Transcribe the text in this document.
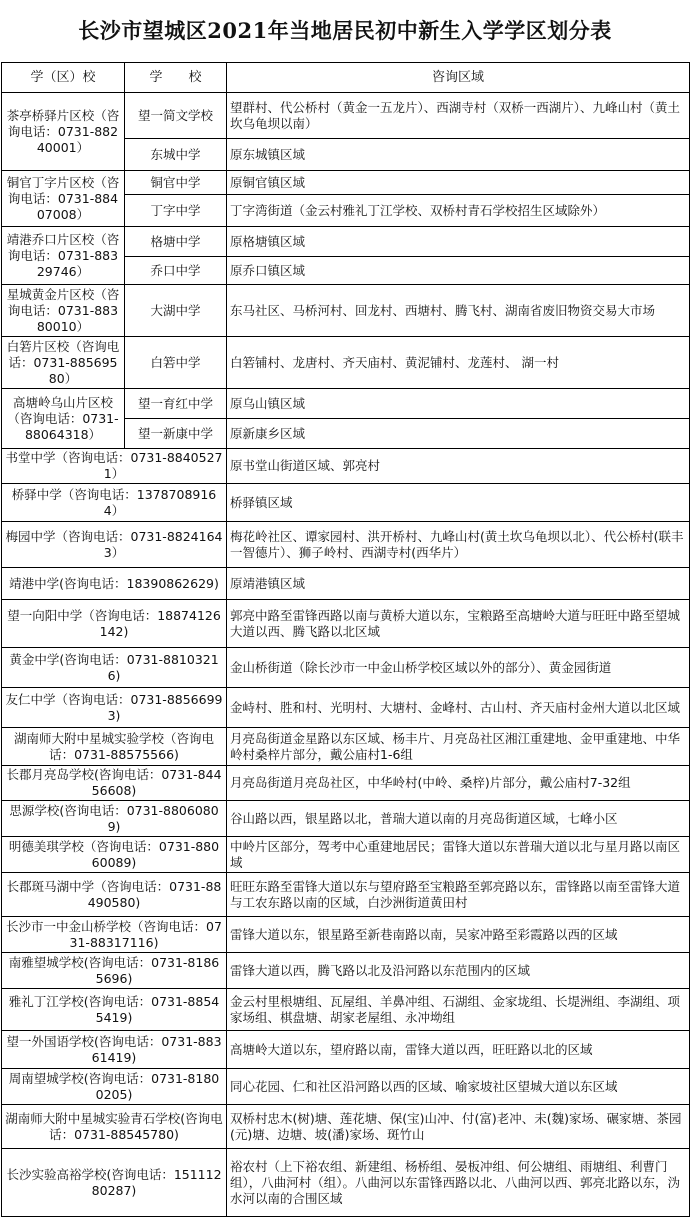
长沙市望城区2021年当地居民初中新生入学学区划分表
学（区）校	学　　校	咨询区域
茶亭桥驿片区校（咨询电话：0731-88240001）	望一简文学校	望群村、代公桥村（黄金一五龙片）、西湖寺村（双桥一西湖片）、九峰山村（黄土坎乌龟坝以南）
	东城中学	原东城镇区域
铜官丁字片区校（咨询电话：0731-88407008）	铜官中学	原铜官镇区域
	丁字中学	丁字湾街道（金云村雅礼丁江学校、双桥村青石学校招生区域除外）
靖港乔口片区校（咨询电话：0731-88329746）	格塘中学	原格塘镇区域
	乔口中学	原乔口镇区域
星城黄金片区校（咨询电话：0731-88380010）	大湖中学	东马社区、马桥河村、回龙村、西塘村、腾飞村、湖南省废旧物资交易大市场
白箬片区校（咨询电话：0731-88569580）	白箬中学	白箬铺村、龙唐村、齐天庙村、黄泥铺村、龙莲村、 湖一村
高塘岭乌山片区校（咨询电话：0731-88064318）	望一育红中学	原乌山镇区域
	望一新康中学	原新康乡区域
书堂中学（咨询电话：0731-88405271）		原书堂山街道区域、郭亮村
桥驿中学（咨询电话：13787089164）		桥驿镇区域
梅园中学（咨询电话：0731-88241643）		梅花岭社区、谭家园村、洪开桥村、九峰山村(黄土坎乌龟坝以北）、代公桥村(联丰一智德片）、狮子岭村、西湖寺村(西华片）
靖港中学(咨询电话：18390862629)		原靖港镇区域
望一向阳中学（咨询电话：18874126142)		郭亮中路至雷锋西路以南与黄桥大道以东，宝粮路至高塘岭大道与旺旺中路至望城大道以西、腾飞路以北区域
黄金中学(咨询电话：0731-88103216)		金山桥街道（除长沙市一中金山桥学校区域以外的部分）、黄金园街道
友仁中学（咨询电话：0731-88566993)		金峙村、胜和村、光明村、大塘村、金峰村、古山村、齐天庙村金州大道以北区域
湖南师大附中星城实验学校（咨询电话：0731-88575566)		月亮岛街道金星路以东区域、杨丰片、月亮岛社区湘江重建地、金甲重建地、中华岭村桑梓片部分，戴公庙村1-6组
长郡月亮岛学校(咨询电话：0731-84456608)		月亮岛街道月亮岛社区，中华岭村(中岭、桑梓)片部分，戴公庙村7-32组
思源学校(咨询电话：0731-88060809)		谷山路以西，银星路以北，普瑞大道以南的月亮岛街道区域，七峰小区
明德美琪学校（咨询电话：0731-88060089)		中岭片区部分，驾考中心重建地居民；雷锋大道以东普瑞大道以北与星月路以南区域
长郡斑马湖中学（咨询电话：0731-88490580)		旺旺东路至雷锋大道以东与望府路至宝粮路至郭亮路以东，雷锋路以南至雷锋大道与工农东路以南的区域，白沙洲街道黄田村
长沙市一中金山桥学校（咨询电话：0731-88317116)		雷锋大道以东，银星路至新巷南路以南，吴家冲路至彩霞路以西的区域
南雅望城学校(咨询电话：0731-81865696)		雷锋大道以西，腾飞路以北及沿河路以东范围内的区域
雅礼丁江学校(咨询电话：0731-88545419)		金云村里根塘组、瓦屋组、羊鼻冲组、石湖组、金家垅组、长堤洲组、李湖组、项家场组、棋盘塘、胡家老屋组、永冲坳组
望一外国语学校(咨询电话：0731-88361419)		高塘岭大道以东，望府路以南，雷锋大道以西，旺旺路以北的区域
周南望城学校(咨询电话：0731-81800205)		同心花园、仁和社区沿河路以西的区域、喻家坡社区望城大道以东区域
湖南师大附中星城实验青石学校(咨询电话：0731-88545780)		双桥村忠木(树)塘、莲花塘、保(宝)山冲、付(富)老冲、未(魏)家场、碾家塘、茶园(元)塘、边塘、坡(潘)家场、斑竹山
长沙实验高裕学校(咨询电话：15111280287)		裕农村（上下裕农组、新建组、杨桥组、晏板冲组、何公塘组、雨塘组、利曹门组），八曲河村（组）。八曲河以东雷锋西路以北、八曲河以西、郭亮北路以东，沩水河以南的合围区域
